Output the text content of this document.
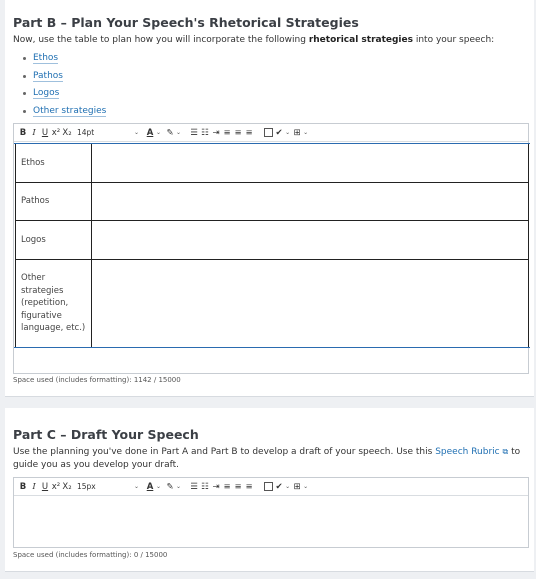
Part B – Plan Your Speech's Rhetorical Strategies

Now, use the table to plan how you will incorporate the following rhetorical strategies into your speech:

Ethos
Pathos
Logos
Other strategies
B I U x² X₂ 14pt	⌄ A ⌄ ✎ ⌄ ☰ ☷ ⇥ ≡ ≡ ≡	✔ ⌄ ⊞ ⌄
Ethos	
Pathos	
Logos	
Other strategies (repetition, figurative language, etc.)	
Space used (includes formatting): 1142 / 15000
Part C – Draft Your Speech

Use the planning you've done in Part A and Part B to develop a draft of your speech. Use this Speech Rubric ⧉ to guide you as you develop your draft.

B I U x² X₂ 15px	⌄ A ⌄ ✎ ⌄ ☰ ☷ ⇥ ≡ ≡ ≡	✔ ⌄ ⊞ ⌄
Space used (includes formatting): 0 / 15000
